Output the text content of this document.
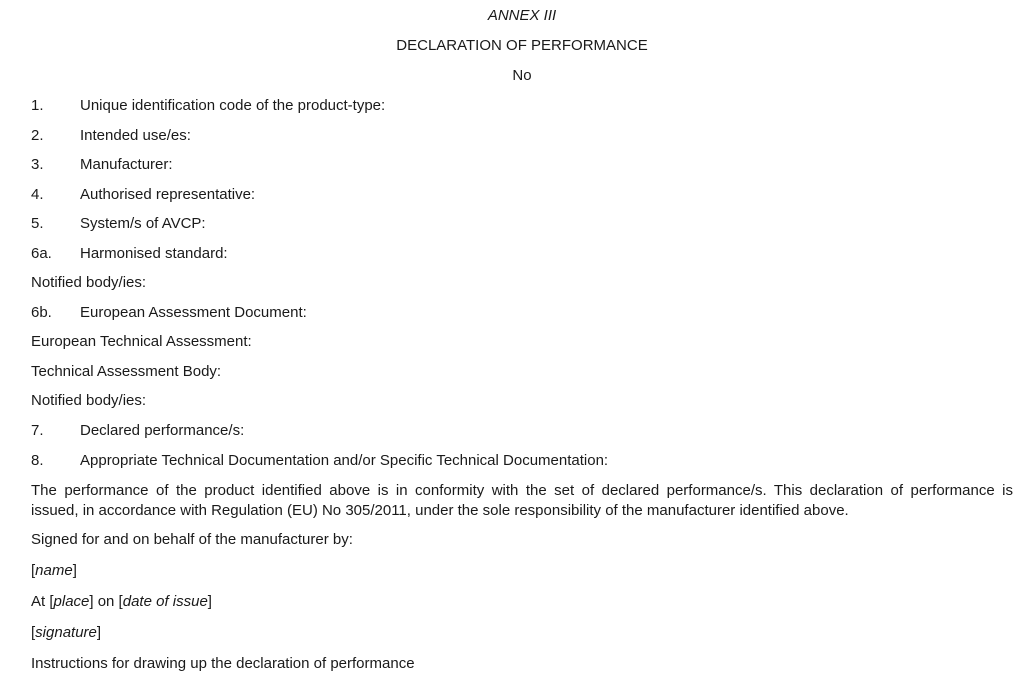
ANNEX III
DECLARATION OF PERFORMANCE
No
1. Unique identification code of the product-type:
2. Intended use/es:
3. Manufacturer:
4. Authorised representative:
5. System/s of AVCP:
6a. Harmonised standard:
Notified body/ies:
6b. European Assessment Document:
European Technical Assessment:
Technical Assessment Body:
Notified body/ies:
7. Declared performance/s:
8. Appropriate Technical Documentation and/or Specific Technical Documentation:
The performance of the product identified above is in conformity with the set of declared performance/s. This declaration of performance is
issued, in accordance with Regulation (EU) No 305/2011, under the sole responsibility of the manufacturer identified above.
Signed for and on behalf of the manufacturer by:
[name]
At [place] on [date of issue]
[signature]
Instructions for drawing up the declaration of performance
